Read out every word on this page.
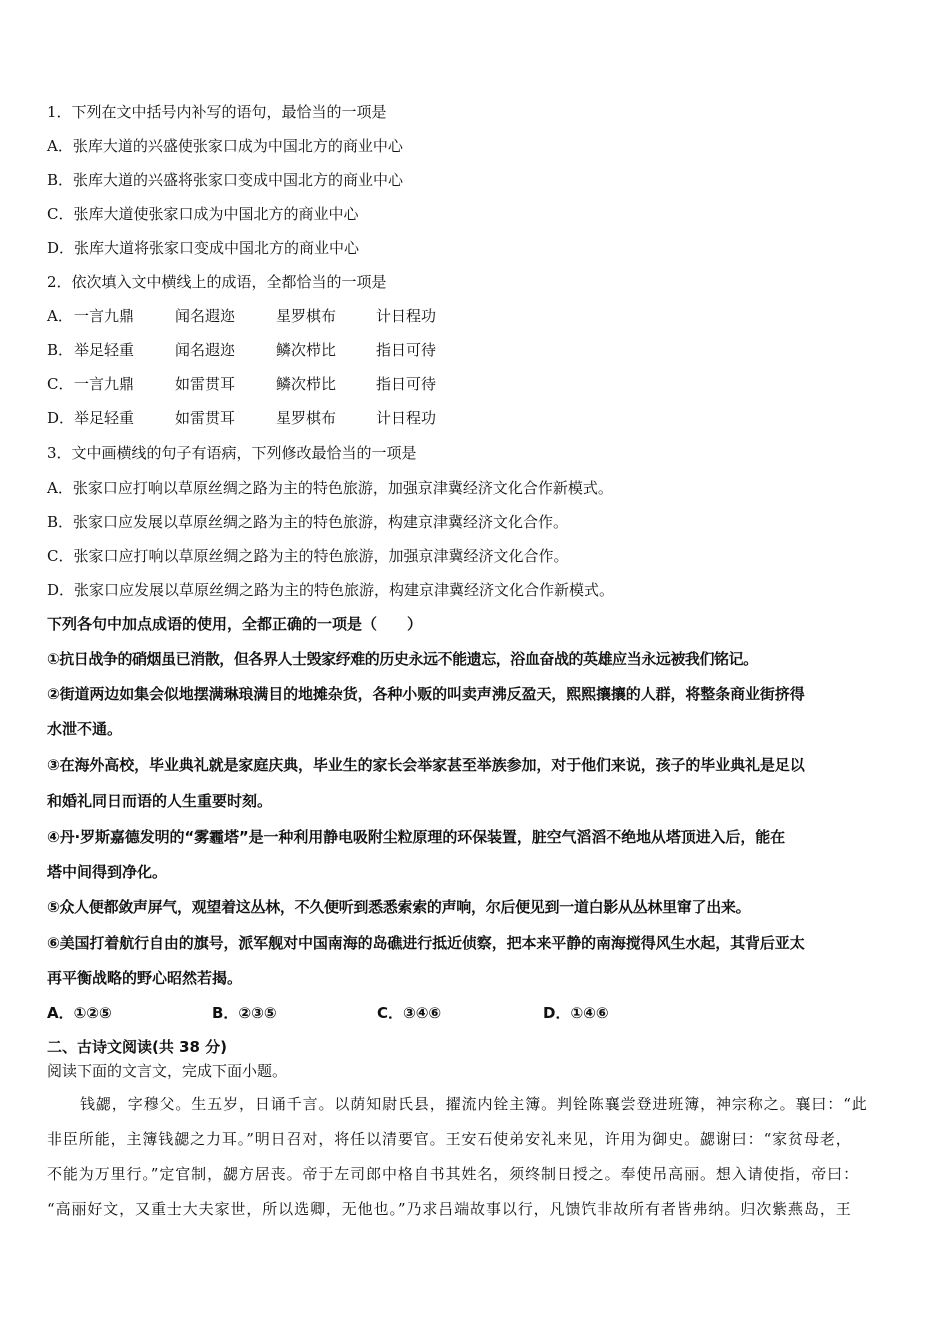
1．下列在文中括号内补写的语句，最恰当的一项是
A．张库大道的兴盛使张家口成为中国北方的商业中心
B．张库大道的兴盛将张家口变成中国北方的商业中心
C．张库大道使张家口成为中国北方的商业中心
D．张库大道将张家口变成中国北方的商业中心
2．依次填入文中横线上的成语，全都恰当的一项是
A．一言九鼎	闻名遐迩	星罗棋布	计日程功
B．举足轻重	闻名遐迩	鳞次栉比	指日可待
C．一言九鼎	如雷贯耳	鳞次栉比	指日可待
D．举足轻重	如雷贯耳	星罗棋布	计日程功
3．文中画横线的句子有语病，下列修改最恰当的一项是
A．张家口应打响以草原丝绸之路为主的特色旅游，加强京津冀经济文化合作新模式。
B．张家口应发展以草原丝绸之路为主的特色旅游，构建京津冀经济文化合作。
C．张家口应打响以草原丝绸之路为主的特色旅游，加强京津冀经济文化合作。
D．张家口应发展以草原丝绸之路为主的特色旅游，构建京津冀经济文化合作新模式。
下列各句中加点成语的使用，全都正确的一项是（　　）
①抗日战争的硝烟虽已消散，但各界人士毁家纾难的历史永远不能遗忘，浴血奋战的英雄应当永远被我们铭记。
②街道两边如集会似地摆满琳琅满目的地摊杂货，各种小贩的叫卖声沸反盈天，熙熙攘攘的人群，将整条商业街挤得
水泄不通。
③在海外高校，毕业典礼就是家庭庆典，毕业生的家长会举家甚至举族参加，对于他们来说，孩子的毕业典礼是足以
和婚礼同日而语的人生重要时刻。
④丹·罗斯嘉德发明的“雾霾塔”是一种利用静电吸附尘粒原理的环保装置，脏空气滔滔不绝地从塔顶进入后，能在
塔中间得到净化。
⑤众人便都敛声屏气，观望着这丛林，不久便听到悉悉索索的声响，尔后便见到一道白影从丛林里窜了出来。
⑥美国打着航行自由的旗号，派军舰对中国南海的岛礁进行抵近侦察，把本来平静的南海搅得风生水起，其背后亚太
再平衡战略的野心昭然若揭。
A．①②⑤	B．②③⑤	C．③④⑥	D．①④⑥
二、古诗文阅读(共 38 分)
阅读下面的文言文，完成下面小题。
钱勰，字穆父。生五岁，日诵千言。以荫知尉氏县，擢流内铨主簿。判铨陈襄尝登进班簿，神宗称之。襄曰：“此
非臣所能，主簿钱勰之力耳。”明日召对，将任以清要官。王安石使弟安礼来见，许用为御史。勰谢曰：“家贫母老，
不能为万里行。”定官制，勰方居丧。帝于左司郎中格自书其姓名，须终制日授之。奉使吊高丽。想入请使指，帝曰：
“高丽好文，又重士大夫家世，所以选卿，无他也。”乃求吕端故事以行，凡馈饩非故所有者皆弗纳。归次紫燕岛，王
